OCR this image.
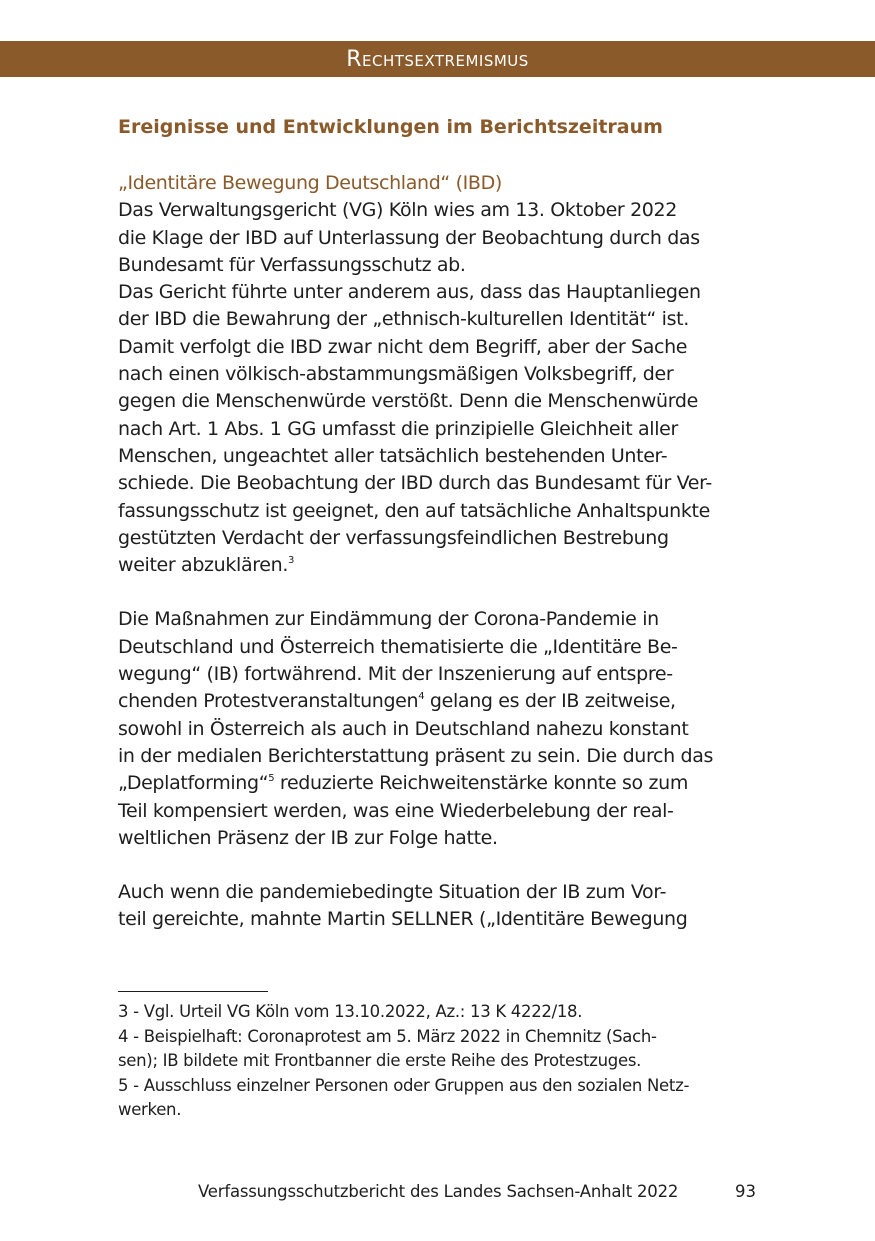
Rechtsextremismus
Ereignisse und Entwicklungen im Berichtszeitraum
„Identitäre Bewegung Deutschland“ (IBD)
Das Verwaltungsgericht (VG) Köln wies am 13. Oktober 2022
die Klage der IBD auf Unterlassung der Beobachtung durch das
Bundesamt für Verfassungsschutz ab.
Das Gericht führte unter anderem aus, dass das Hauptanliegen
der IBD die Bewahrung der „ethnisch-kulturellen Identität“ ist.
Damit verfolgt die IBD zwar nicht dem Begriff, aber der Sache
nach einen völkisch-abstammungsmäßigen Volksbegriff, der
gegen die Menschenwürde verstößt. Denn die Menschenwürde
nach Art. 1 Abs. 1 GG umfasst die prinzipielle Gleichheit aller
Menschen, ungeachtet aller tatsächlich bestehenden Unter-
schiede. Die Beobachtung der IBD durch das Bundesamt für Ver-
fassungsschutz ist geeignet, den auf tatsächliche Anhaltspunkte
gestützten Verdacht der verfassungsfeindlichen Bestrebung
weiter abzuklären.$^3$
Die Maßnahmen zur Eindämmung der Corona-Pandemie in
Deutschland und Österreich thematisierte die „Identitäre Be-
wegung“ (IB) fortwährend. Mit der Inszenierung auf entspre-
chenden Protestveranstaltungen$^4$ gelang es der IB zeitweise,
sowohl in Österreich als auch in Deutschland nahezu konstant
in der medialen Berichterstattung präsent zu sein. Die durch das
„Deplatforming“$^5$ reduzierte Reichweitenstärke konnte so zum
Teil kompensiert werden, was eine Wiederbelebung der real-
weltlichen Präsenz der IB zur Folge hatte.
Auch wenn die pandemiebedingte Situation der IB zum Vor-
teil gereichte, mahnte Martin SELLNER („Identitäre Bewegung

3 - Vgl. Urteil VG Köln vom 13.10.2022, Az.: 13 K 4222/18.

4 - Beispielhaft: Coronaprotest am 5. März 2022 in Chemnitz (Sach-
sen); IB bildete mit Frontbanner die erste Reihe des Protestzuges.

5 - Ausschluss einzelner Personen oder Gruppen aus den sozialen Netz-
werken.

Verfassungsschutzbericht des Landes Sachsen-Anhalt 2022	93
